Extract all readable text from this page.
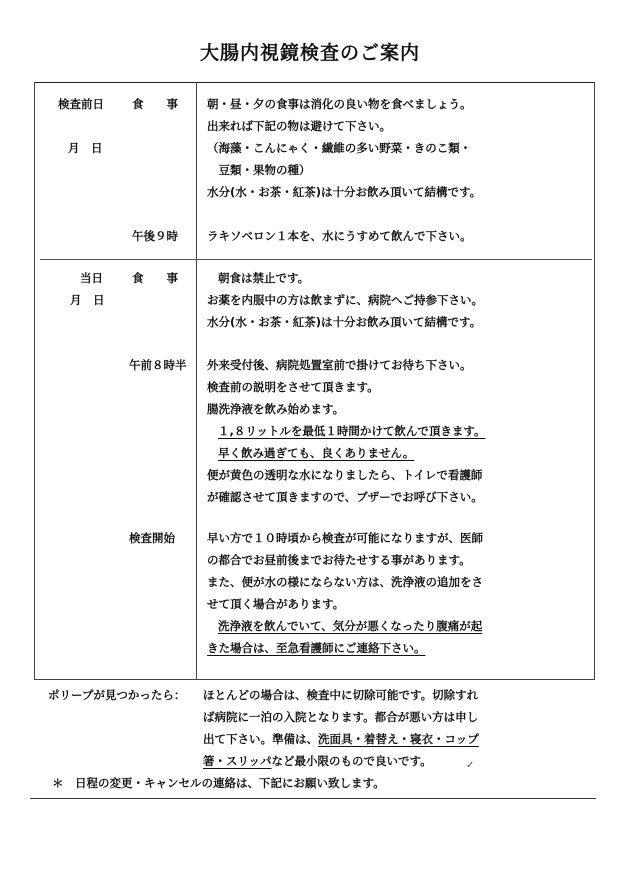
大腸内視鏡検査のご案内
検査前日
月　日
食　　事	朝・昼・夕の食事は消化の良い物を食べましょう。
出来れば下記の物は避けて下さい。
（海藻・こんにゃく・繊維の多い野菜・きのこ類・
　豆類・果物の種）
水分(水・お茶・紅茶)は十分お飲み頂いて結構です。
午後９時	ラキソベロン１本を、水にうすめて飲んで下さい。
当日
月　日
食　　事	朝食は禁止です。
お薬を内服中の方は飲まずに、病院へご持参下さい。
水分(水・お茶・紅茶)は十分お飲み頂いて結構です。
午前８時半 外来受付後、病院処置室前で掛けてお待ち下さい。
検査前の説明をさせて頂きます。
腸洗浄液を飲み始めます。
１,８リットルを最低１時間かけて飲んで頂きます。
早く飲み過ぎても、良くありません。
便が黄色の透明な水になりましたら、トイレで看護師
が確認させて頂きますので、ブザーでお呼び下さい。
検査開始	早い方で１０時頃から検査が可能になりますが、医師
の都合でお昼前後までお待たせする事があります。
また、便が水の様にならない方は、洗浄液の追加をさ
せて頂く場合があります。
洗浄液を飲んでいて、気分が悪くなったり腹痛が起
きた場合は、至急看護師にご連絡下さい。
ポリープが見つかったら： ほとんどの場合は、検査中に切除可能です。切除すれ
ば病院に一泊の入院となります。都合が悪い方は申し
出て下さい。準備は、洗面具・着替え・寝衣・コップ
箸・スリッパなど最小限のもので良いです。	✓
＊　日程の変更・キャンセルの連絡は、下記にお願い致します。
